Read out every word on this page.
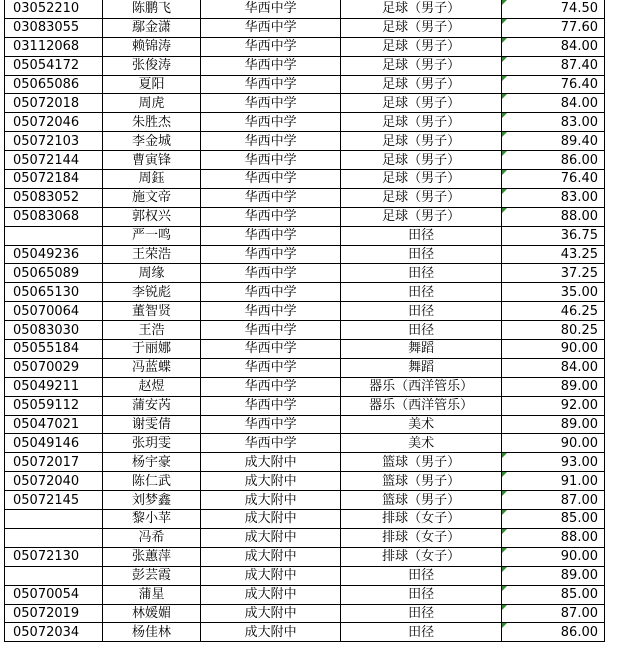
03052210	陈鹏飞	华西中学	足球（男子）	74.50
03083055	鄢金潇	华西中学	足球（男子）	77.60
03112068	赖锦涛	华西中学	足球（男子）	84.00
05054172	张俊涛	华西中学	足球（男子）	87.40
05065086	夏阳	华西中学	足球（男子）	76.40
05072018	周虎	华西中学	足球（男子）	84.00
05072046	朱胜杰	华西中学	足球（男子）	83.00
05072103	李金城	华西中学	足球（男子）	89.40
05072144	曹寅锋	华西中学	足球（男子）	86.00
05072184	周鈺	华西中学	足球（男子）	76.40
05083052	施文帝	华西中学	足球（男子）	83.00
05083068	郭权兴	华西中学	足球（男子）	88.00
	严一鸣	华西中学	田径	36.75
05049236	王荣浩	华西中学	田径	43.25
05065089	周缘	华西中学	田径	37.25
05065130	李锐彪	华西中学	田径	35.00
05070064	董智贤	华西中学	田径	46.25
05083030	王浩	华西中学	田径	80.25
05055184	于丽娜	华西中学	舞蹈	90.00
05070029	冯蓝蝶	华西中学	舞蹈	84.00
05049211	赵煜	华西中学	器乐（西洋管乐）	89.00
05059112	蒲安芮	华西中学	器乐（西洋管乐）	92.00
05047021	谢雯倩	华西中学	美术	89.00
05049146	张玥雯	华西中学	美术	90.00
05072017	杨宇豪	成大附中	篮球（男子）	93.00
05072040	陈仁武	成大附中	篮球（男子）	91.00
05072145	刘梦鑫	成大附中	篮球（男子）	87.00
	黎小苹	成大附中	排球（女子）	85.00
	冯希	成大附中	排球（女子）	88.00
05072130	张蕙萍	成大附中	排球（女子）	90.00
	彭芸霞	成大附中	田径	89.00
05070054	蒲星	成大附中	田径	85.00
05072019	林媛媚	成大附中	田径	87.00
05072034	杨佳林	成大附中	田径	86.00
